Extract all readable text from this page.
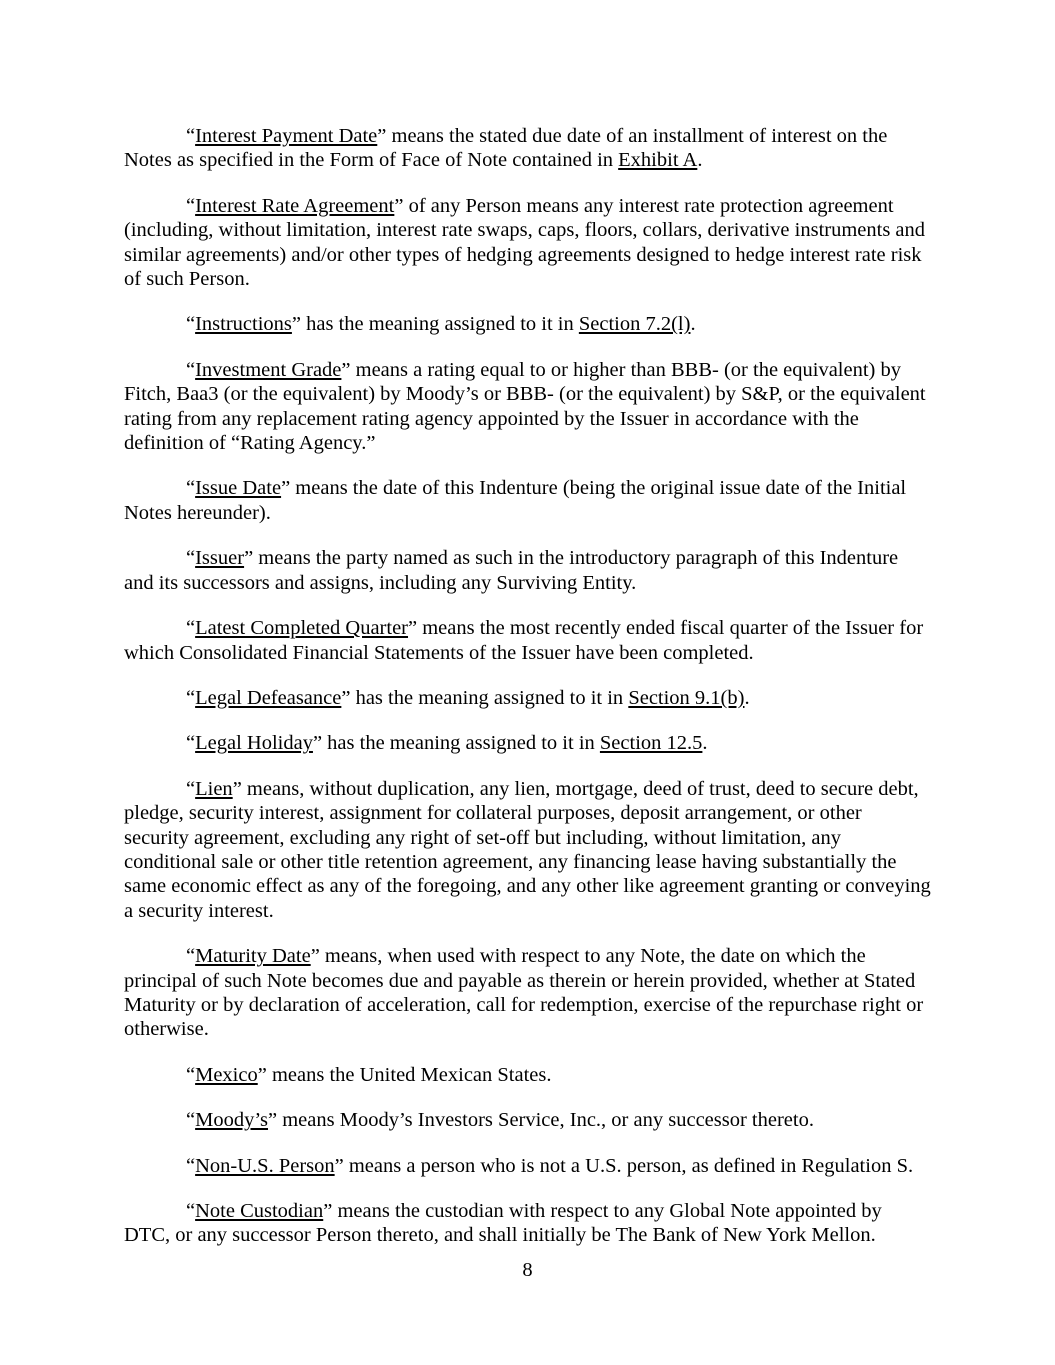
“Interest Payment Date” means the stated due date of an installment of interest on the Notes as specified in the Form of Face of Note contained in Exhibit A.

“Interest Rate Agreement” of any Person means any interest rate protection agreement (including, without limitation, interest rate swaps, caps, floors, collars, derivative instruments and similar agreements) and/or other types of hedging agreements designed to hedge interest rate risk of such Person.

“Instructions” has the meaning assigned to it in Section 7.2(l).

“Investment Grade” means a rating equal to or higher than BBB- (or the equivalent) by Fitch, Baa3 (or the equivalent) by Moody’s or BBB- (or the equivalent) by S&P, or the equivalent rating from any replacement rating agency appointed by the Issuer in accordance with the definition of “Rating Agency.”

“Issue Date” means the date of this Indenture (being the original issue date of the Initial Notes hereunder).

“Issuer” means the party named as such in the introductory paragraph of this Indenture and its successors and assigns, including any Surviving Entity.

“Latest Completed Quarter” means the most recently ended fiscal quarter of the Issuer for which Consolidated Financial Statements of the Issuer have been completed.

“Legal Defeasance” has the meaning assigned to it in Section 9.1(b).

“Legal Holiday” has the meaning assigned to it in Section 12.5.

“Lien” means, without duplication, any lien, mortgage, deed of trust, deed to secure debt, pledge, security interest, assignment for collateral purposes, deposit arrangement, or other security agreement, excluding any right of set-off but including, without limitation, any conditional sale or other title retention agreement, any financing lease having substantially the same economic effect as any of the foregoing, and any other like agreement granting or conveying a security interest.

“Maturity Date” means, when used with respect to any Note, the date on which the principal of such Note becomes due and payable as therein or herein provided, whether at Stated Maturity or by declaration of acceleration, call for redemption, exercise of the repurchase right or otherwise.

“Mexico” means the United Mexican States.

“Moody’s” means Moody’s Investors Service, Inc., or any successor thereto.

“Non-U.S. Person” means a person who is not a U.S. person, as defined in Regulation S.

“Note Custodian” means the custodian with respect to any Global Note appointed by DTC, or any successor Person thereto, and shall initially be The Bank of New York Mellon.

8
